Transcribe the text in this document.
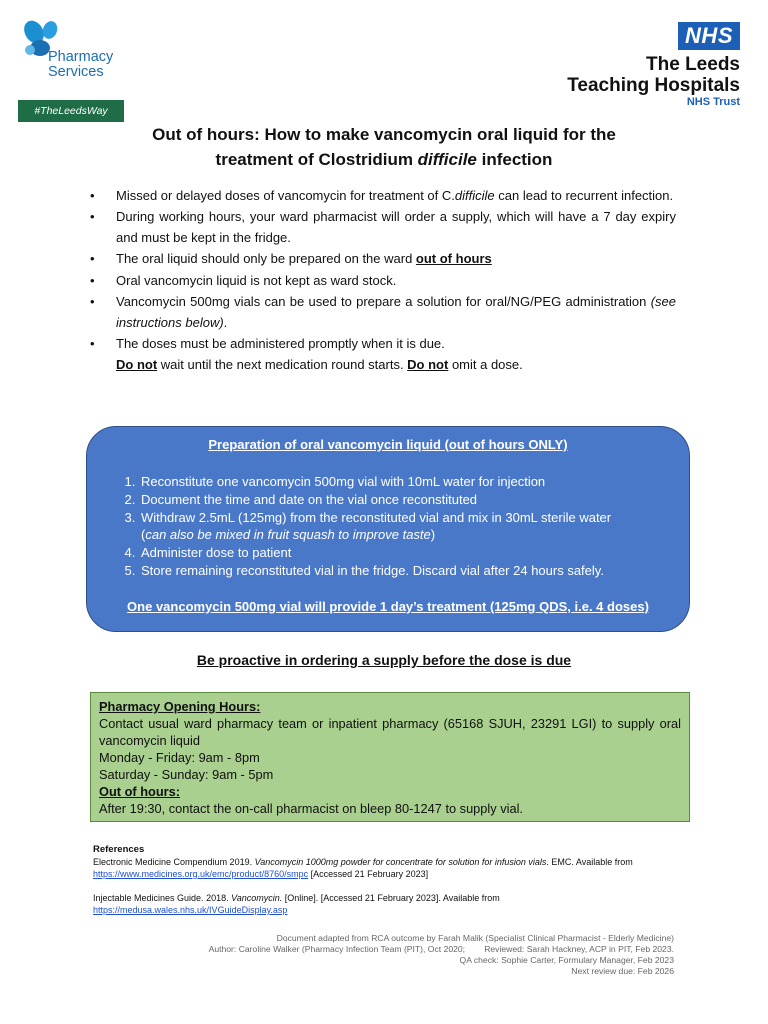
Pharmacy
Services
#TheLeedsWay
NHS
The Leeds
Teaching Hospitals
NHS Trust
Out of hours: How to make vancomycin oral liquid for the
treatment of Clostridium difficile infection
• Missed or delayed doses of vancomycin for treatment of C.difficile can lead to recurrent infection.
• During working hours, your ward pharmacist will order a supply, which will have a 7 day expiry and must be kept in the fridge.
• The oral liquid should only be prepared on the ward out of hours
• Oral vancomycin liquid is not kept as ward stock.
• Vancomycin 500mg vials can be used to prepare a solution for oral/NG/PEG administration (see instructions below).
• The doses must be administered promptly when it is due.
Do not wait until the next medication round starts. Do not omit a dose.
Preparation of oral vancomycin liquid (out of hours ONLY)
1. Reconstitute one vancomycin 500mg vial with 10mL water for injection
2. Document the time and date on the vial once reconstituted
3. Withdraw 2.5mL (125mg) from the reconstituted vial and mix in 30mL sterile water
(can also be mixed in fruit squash to improve taste)
4. Administer dose to patient
5. Store remaining reconstituted vial in the fridge. Discard vial after 24 hours safely.
One vancomycin 500mg vial will provide 1 day’s treatment (125mg QDS, i.e. 4 doses)
Be proactive in ordering a supply before the dose is due
Pharmacy Opening Hours:
Contact usual ward pharmacy team or inpatient pharmacy (65168 SJUH, 23291 LGI) to supply oral vancomycin liquid
Monday - Friday: 9am - 8pm
Saturday - Sunday: 9am - 5pm
Out of hours:
After 19:30, contact the on-call pharmacist on bleep 80-1247 to supply vial.
References
Electronic Medicine Compendium 2019. Vancomycin 1000mg powder for concentrate for solution for infusion vials. EMC. Available from
https://www.medicines.org.uk/emc/product/8760/smpc [Accessed 21 February 2023]
Injectable Medicines Guide. 2018. Vancomycin. [Online]. [Accessed 21 February 2023]. Available from
https://medusa.wales.nhs.uk/IVGuideDisplay.asp
Document adapted from RCA outcome by Farah Malik (Specialist Clinical Pharmacist - Elderly Medicine)
Author: Caroline Walker (Pharmacy Infection Team (PIT), Oct 2020; Reviewed: Sarah Hackney, ACP in PIT, Feb 2023.
QA check: Sophie Carter, Formulary Manager, Feb 2023
Next review due: Feb 2026
